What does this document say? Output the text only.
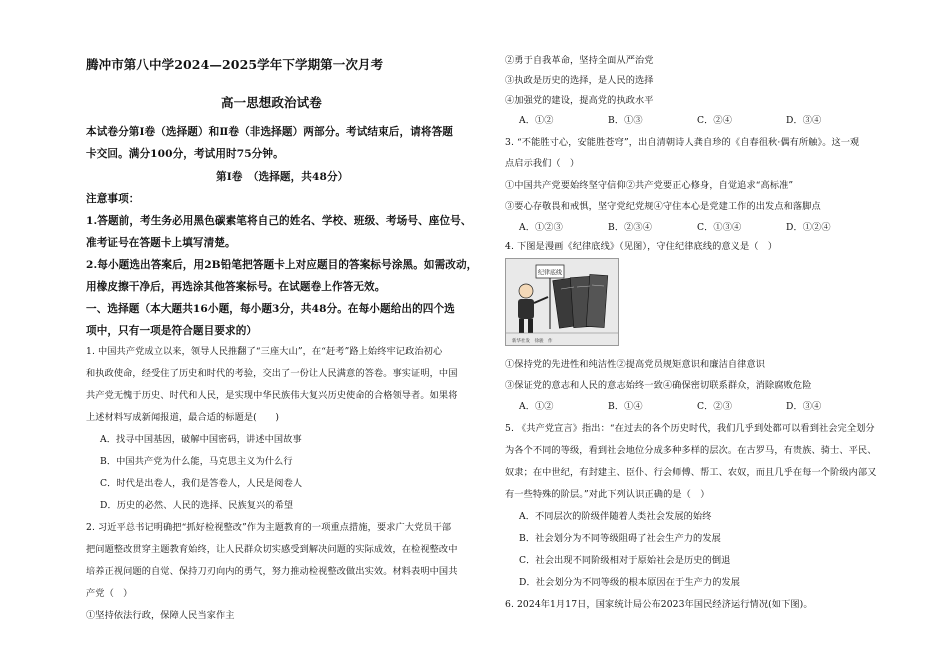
腾冲市第八中学2024—2025学年下学期第一次月考
高一思想政治试卷
本试卷分第Ⅰ卷（选择题）和Ⅱ卷（非选择题）两部分。考试结束后，请将答题
卡交回。满分100分，考试用时75分钟。
第Ⅰ卷　（选择题，共48分）
注意事项：
1.答题前，考生务必用黑色碳素笔将自己的姓名、学校、班级、考场号、座位号、
准考证号在答题卡上填写清楚。
2.每小题选出答案后，用2B铅笔把答题卡上对应题目的答案标号涂黑。如需改动，
用橡皮擦干净后，再选涂其他答案标号。在试题卷上作答无效。
一、选择题（本大题共16小题，每小题3分，共48分。在每小题给出的四个选
项中，只有一项是符合题目要求的）
1. 中国共产党成立以来，领导人民推翻了“三座大山”，在“赶考”路上始终牢记政治初心
和执政使命，经受住了历史和时代的考验，交出了一份让人民满意的答卷。事实证明，中国
共产党无愧于历史、时代和人民，是实现中华民族伟大复兴历史使命的合格领导者。如果将
上述材料写成新闻报道，最合适的标题是(　　)
A．找寻中国基因，破解中国密码，讲述中国故事
B．中国共产党为什么能，马克思主义为什么行
C．时代是出卷人，我们是答卷人，人民是阅卷人
D．历史的必然、人民的选择、民族复兴的希望
2. 习近平总书记明确把“抓好检视整改”作为主题教育的一项重点措施，要求广大党员干部
把问题整改贯穿主题教育始终，让人民群众切实感受到解决问题的实际成效，在检视整改中
培养正视问题的自觉、保持刀刃向内的勇气，努力推动检视整改做出实效。材料表明中国共
产党（　）
①坚持依法行政，保障人民当家作主
②勇于自我革命，坚持全面从严治党
③执政是历史的选择，是人民的选择
④加强党的建设，提高党的执政水平
A．①②	B．①③	C．②④	D．③④
3. “不能胜寸心，安能胜苍穹”，出自清朝诗人龚自珍的《自春徂秋·偶有所触》。这一观
点启示我们（　）
①中国共产党要始终坚守信仰②共产党要正心修身，自觉追求“高标准”
③要心存敬畏和戒惧，坚守党纪党规④守住本心是党建工作的出发点和落脚点
A．①②③	B．②③④	C．①③④	D．①②④
4. 下图是漫画《纪律底线》（见图），守住纪律底线的意义是（　）
纪律底线
新华社发　徐骏　作
①保持党的先进性和纯洁性②提高党员规矩意识和廉洁自律意识
③保证党的意志和人民的意志始终一致④确保密切联系群众，消除腐败危险
A．①②	B．①④	C．②③	D．③④
5. 《共产党宣言》指出：“在过去的各个历史时代，我们几乎到处都可以看到社会完全划分
为各个不同的等级，看到社会地位分成多种多样的层次。在古罗马，有贵族、骑士、平民、
奴隶；在中世纪，有封建主、臣仆、行会师傅、帮工、农奴，而且几乎在每一个阶级内部又
有一些特殊的阶层。”对此下列认识正确的是（　）
A．不同层次的阶级伴随着人类社会发展的始终
B．社会划分为不同等级阻碍了社会生产力的发展
C．社会出现不同阶级相对于原始社会是历史的倒退
D．社会划分为不同等级的根本原因在于生产力的发展
6. 2024年1月17日，国家统计局公布2023年国民经济运行情况(如下图)。
